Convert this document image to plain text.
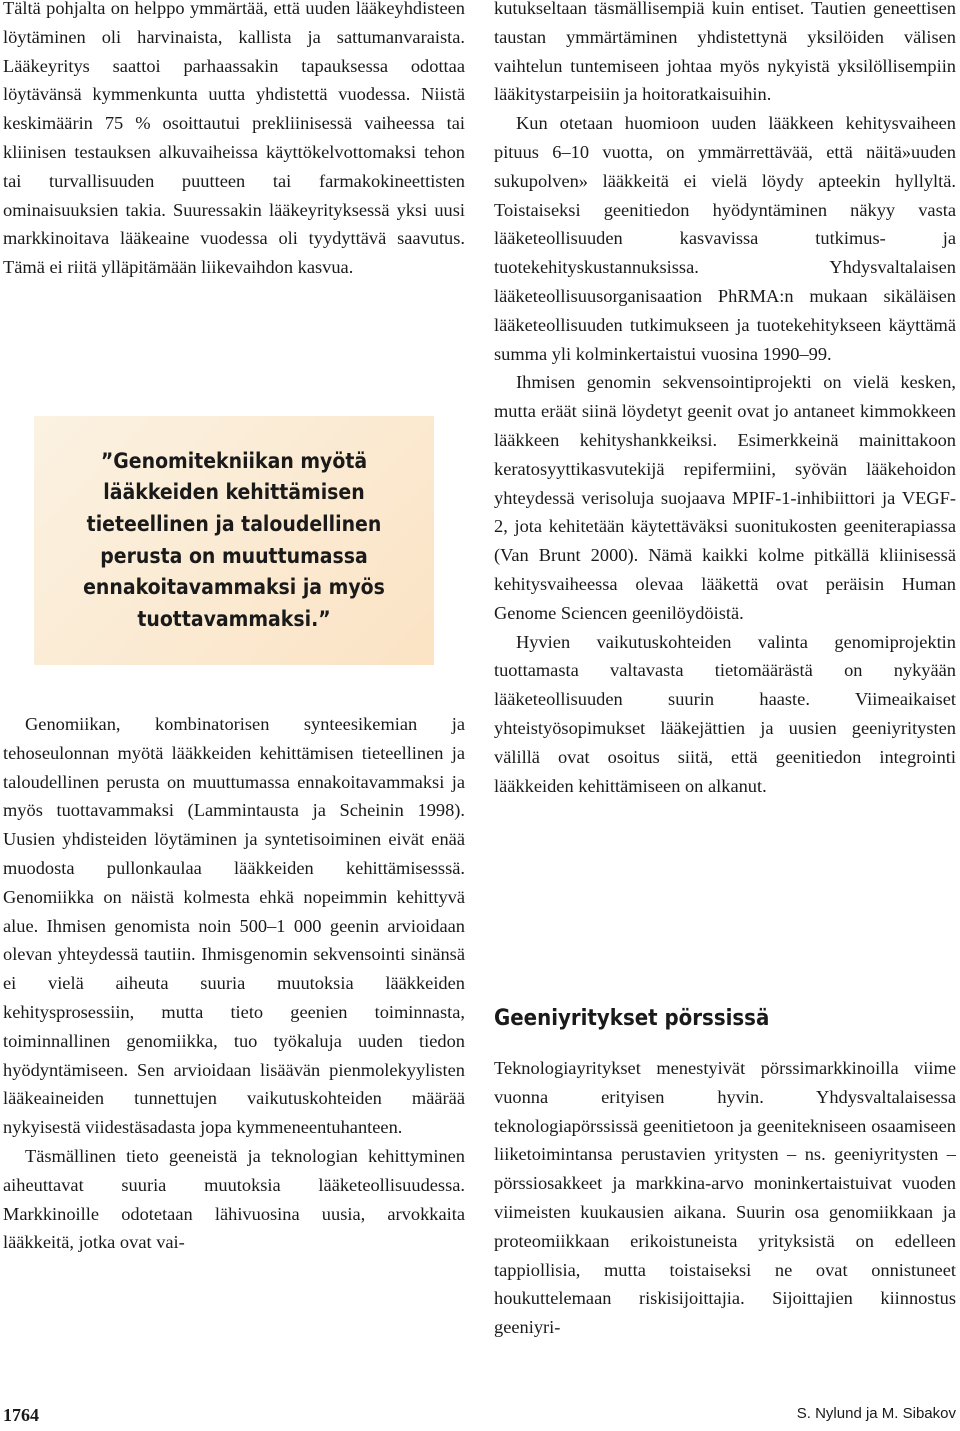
Tältä pohjalta on helppo ymmärtää, että uuden lääkeyhdisteen löytäminen oli harvinaista, kallista ja sattumanvaraista. Lääkeyritys saattoi parhaassakin tapauksessa odottaa löytävänsä kymmenkunta uutta yhdistettä vuodessa. Niistä keskimäärin 75 % osoittautui prekliinisessä vaiheessa tai kliinisen testauksen alkuvaiheissa käyttökelvottomaksi tehon tai turvallisuuden puutteen tai farmakokineettisten ominaisuuksien takia. Suuressakin lääkeyrityksessä yksi uusi markkinoitava lääkeaine vuodessa oli tyydyttävä saavutus. Tämä ei riitä ylläpitämään liikevaihdon kasvua.

”Genomitekniikan myötä lääkkeiden kehittämisen tieteellinen ja taloudellinen perusta on muuttumassa ennakoitavammaksi ja myös tuottavammaksi.”

Genomiikan, kombinatorisen synteesikemian ja tehoseulonnan myötä lääkkeiden kehittämisen tieteellinen ja taloudellinen perusta on muuttumassa ennakoitavammaksi ja myös tuottavammaksi (Lammintausta ja Scheinin 1998). Uusien yhdisteiden löytäminen ja syntetisoiminen eivät enää muodosta pullonkaulaa lääkkeiden kehittämisesssä. Genomiikka on näistä kolmesta ehkä nopeimmin kehittyvä alue. Ihmisen genomista noin 500–1 000 geenin arvioidaan olevan yhteydessä tautiin. Ihmisgenomin sekvensointi sinänsä ei vielä aiheuta suuria muutoksia lääkkeiden kehitysprosessiin, mutta tieto geenien toiminnasta, toiminnallinen genomiikka, tuo työkaluja uuden tiedon hyödyntämiseen. Sen arvioidaan lisäävän pienmolekyylisten lääkeaineiden tunnettujen vaikutuskohteiden määrää nykyisestä viidestäsadasta jopa kymmeneentuhanteen.

Täsmällinen tieto geeneistä ja teknologian kehittyminen aiheuttavat suuria muutoksia lääketeollisuudessa. Markkinoille odotetaan lähivuosina uusia, arvokkaita lääkkeitä, jotka ovat vai-

kutukseltaan täsmällisempiä kuin entiset. Tautien geneettisen taustan ymmärtäminen yhdistettynä yksilöiden välisen vaihtelun tuntemiseen johtaa myös nykyistä yksilöllisempiin lääkitystarpeisiin ja hoitoratkaisuihin.

Kun otetaan huomioon uuden lääkkeen kehitysvaiheen pituus 6–10 vuotta, on ymmärrettävää, että näitä»uuden sukupolven» lääkkeitä ei vielä löydy apteekin hyllyltä. Toistaiseksi geenitiedon hyödyntäminen näkyy vasta lääketeollisuuden kasvavissa tutkimus- ja tuotekehityskustannuksissa. Yhdysvaltalaisen lääketeollisuusorganisaation PhRMA:n mukaan sikäläisen lääketeollisuuden tutkimukseen ja tuotekehitykseen käyttämä summa yli kolminkertaistui vuosina 1990–99.

Ihmisen genomin sekvensointiprojekti on vielä kesken, mutta eräät siinä löydetyt geenit ovat jo antaneet kimmokkeen lääkkeen kehityshankkeiksi. Esimerkkeinä mainittakoon keratosyyttikasvutekijä repifermiini, syövän lääkehoidon yhteydessä verisoluja suojaava MPIF-1-inhibiittori ja VEGF-2, jota kehitetään käytettäväksi suonitukosten geeniterapiassa (Van Brunt 2000). Nämä kaikki kolme pitkällä kliinisessä kehitysvaiheessa olevaa lääkettä ovat peräisin Human Genome Sciencen geenilöydöistä.

Hyvien vaikutuskohteiden valinta genomiprojektin tuottamasta valtavasta tietomäärästä on nykyään lääketeollisuuden suurin haaste. Viimeaikaiset yhteistyösopimukset lääkejättien ja uusien geeniyritysten välillä ovat osoitus siitä, että geenitiedon integrointi lääkkeiden kehittämiseen on alkanut.

Geeniyritykset pörssissä

Teknologiayritykset menestyivät pörssimarkkinoilla viime vuonna erityisen hyvin. Yhdysvaltalaisessa teknologiapörssissä geenitietoon ja geenitekniseen osaamiseen liiketoimintansa perustavien yritysten – ns. geeniyritysten – pörssiosakkeet ja markkina-arvo moninkertaistuivat vuoden viimeisten kuukausien aikana. Suurin osa genomiikkaan ja proteomiikkaan erikoistuneista yrityksistä on edelleen tappiollisia, mutta toistaiseksi ne ovat onnistuneet houkuttelemaan riskisijoittajia. Sijoittajien kiinnostus geeniyri-

1764	S. Nylund ja M. Sibakov
